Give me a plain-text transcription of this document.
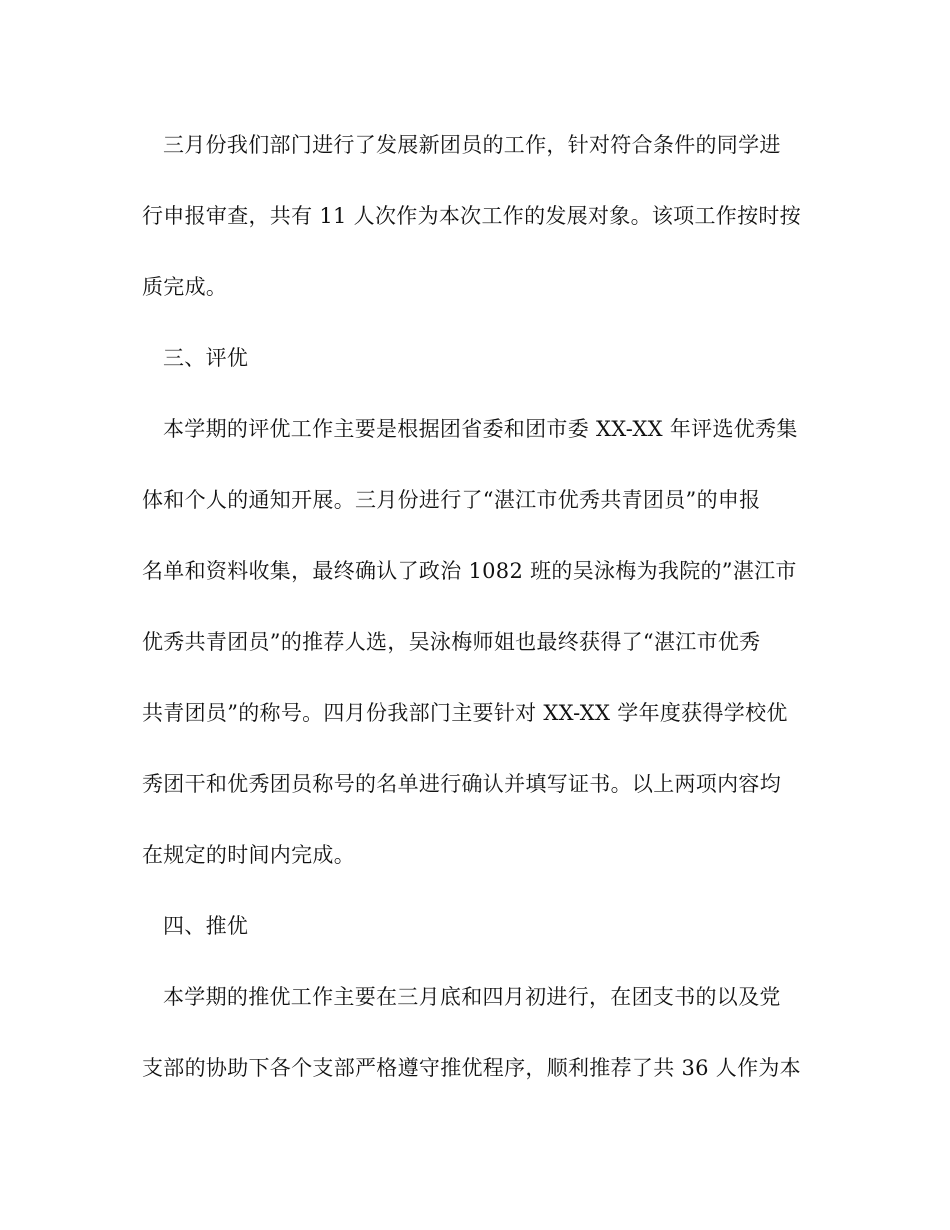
三月份我们部门进行了发展新团员的工作，针对符合条件的同学进
行申报审查，共有 11 人次作为本次工作的发展对象。该项工作按时按
质完成。
三、评优
本学期的评优工作主要是根据团省委和团市委 XX-XX 年评选优秀集
体和个人的通知开展。三月份进行了“湛江市优秀共青团员”的申报
名单和资料收集，最终确认了政治 1082 班的吴泳梅为我院的”湛江市
优秀共青团员”的推荐人选，吴泳梅师姐也最终获得了“湛江市优秀
共青团员”的称号。四月份我部门主要针对 XX-XX 学年度获得学校优
秀团干和优秀团员称号的名单进行确认并填写证书。以上两项内容均
在规定的时间内完成。
四、推优
本学期的推优工作主要在三月底和四月初进行，在团支书的以及党
支部的协助下各个支部严格遵守推优程序，顺利推荐了共 36 人作为本
